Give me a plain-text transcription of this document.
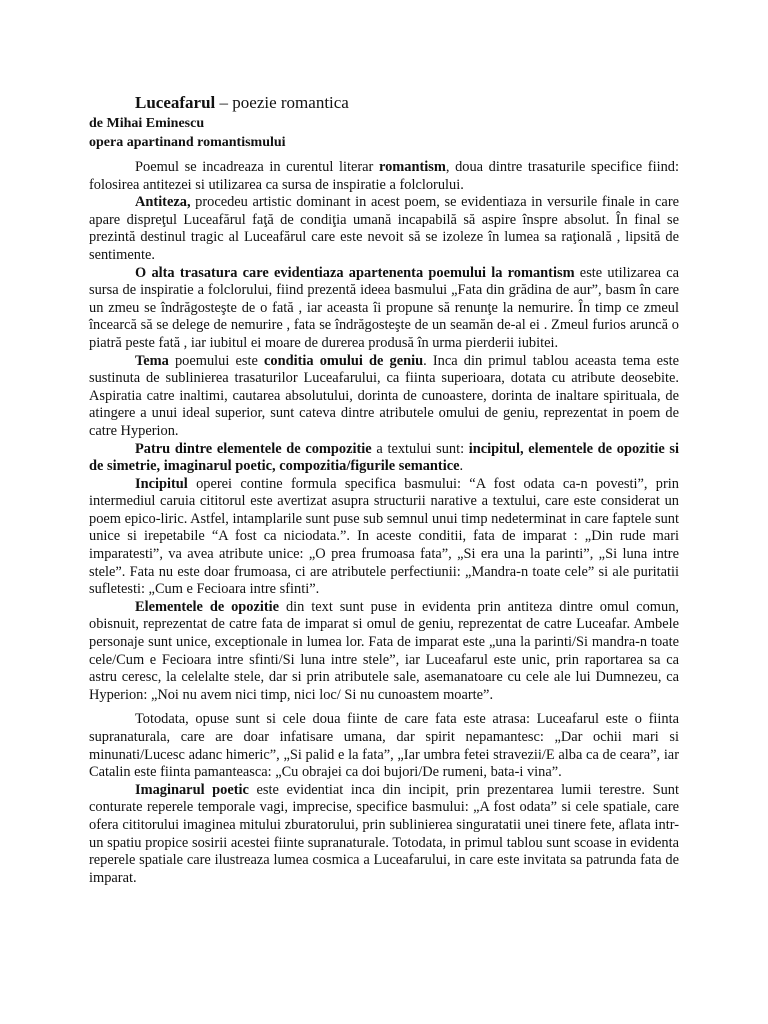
Luceafarul – poezie romantica
de Mihai Eminescu
opera apartinand romantismului

Poemul se incadreaza in curentul literar romantism, doua dintre trasaturile specifice fiind: folosirea antitezei si utilizarea ca sursa de inspiratie a folclorului.

Antiteza, procedeu artistic dominant in acest poem, se evidentiaza in versurile finale in care apare dispreţul Luceafărul faţă de condiţia umană incapabilă să aspire înspre absolut. În final se prezintă destinul tragic al Luceafărul care este nevoit să se izoleze în lumea sa raţională , lipsită de sentimente.

O alta trasatura care evidentiaza apartenenta poemului la romantism este utilizarea ca sursa de inspiratie a folclorului, fiind prezentă ideea basmului „Fata din grădina de aur”, basm în care un zmeu se îndrăgosteşte de o fată , iar aceasta îi propune să renunţe la nemurire. În timp ce zmeul încearcă să se delege de nemurire , fata se îndrăgosteşte de un seamăn de-al ei . Zmeul furios aruncă o piatră peste fată , iar iubitul ei moare de durerea produsă în urma pierderii iubitei.

Tema poemului este conditia omului de geniu. Inca din primul tablou aceasta tema este sustinuta de sublinierea trasaturilor Luceafarului, ca fiinta superioara, dotata cu atribute deosebite. Aspiratia catre inaltimi, cautarea absolutului, dorinta de cunoastere, dorinta de inaltare spirituala, de atingere a unui ideal superior, sunt cateva dintre atributele omului de geniu, reprezentat in poem de catre Hyperion.

Patru dintre elementele de compozitie a textului sunt: incipitul, elementele de opozitie si de simetrie, imaginarul poetic, compozitia/figurile semantice.

Incipitul operei contine formula specifica basmului: “A fost odata ca-n povesti”, prin intermediul caruia cititorul este avertizat asupra structurii narative a textului, care este considerat un poem epico-liric. Astfel, intamplarile sunt puse sub semnul unui timp nedeterminat in care faptele sunt unice si irepetabile “A fost ca niciodata.”. In aceste conditii, fata de imparat : „Din rude mari imparatesti”, va avea atribute unice: „O prea frumoasa fata”, „Si era una la parinti”, „Si luna intre stele”. Fata nu este doar frumoasa, ci are atributele perfectiunii: „Mandra-n toate cele” si ale puritatii sufletesti: „Cum e Fecioara intre sfinti”.

Elementele de opozitie din text sunt puse in evidenta prin antiteza dintre omul comun, obisnuit, reprezentat de catre fata de imparat si omul de geniu, reprezentat de catre Luceafar. Ambele personaje sunt unice, exceptionale in lumea lor. Fata de imparat este „una la parinti/Si mandra-n toate cele/Cum e Fecioara intre sfinti/Si luna intre stele”, iar Luceafarul este unic, prin raportarea sa ca astru ceresc, la celelalte stele, dar si prin atributele sale, asemanatoare cu cele ale lui Dumnezeu, ca Hyperion: „Noi nu avem nici timp, nici loc/ Si nu cunoastem moarte”.

Totodata, opuse sunt si cele doua fiinte de care fata este atrasa: Luceafarul este o fiinta supranaturala, care are doar infatisare umana, dar spirit nepamantesc: „Dar ochii mari si minunati/Lucesc adanc himeric”, „Si palid e la fata”, „Iar umbra fetei stravezii/E alba ca de ceara”, iar Catalin este fiinta pamanteasca: „Cu obrajei ca doi bujori/De rumeni, bata-i vina”.

Imaginarul poetic este evidentiat inca din incipit, prin prezentarea lumii terestre. Sunt conturate reperele temporale vagi, imprecise, specifice basmului: „A fost odata” si cele spatiale, care ofera cititorului imaginea mitului zburatorului, prin sublinierea singuratatii unei tinere fete, aflata intr-un spatiu propice sosirii acestei fiinte supranaturale. Totodata, in primul tablou sunt scoase in evidenta reperele spatiale care ilustreaza lumea cosmica a Luceafarului, in care este invitata sa patrunda fata de imparat.
